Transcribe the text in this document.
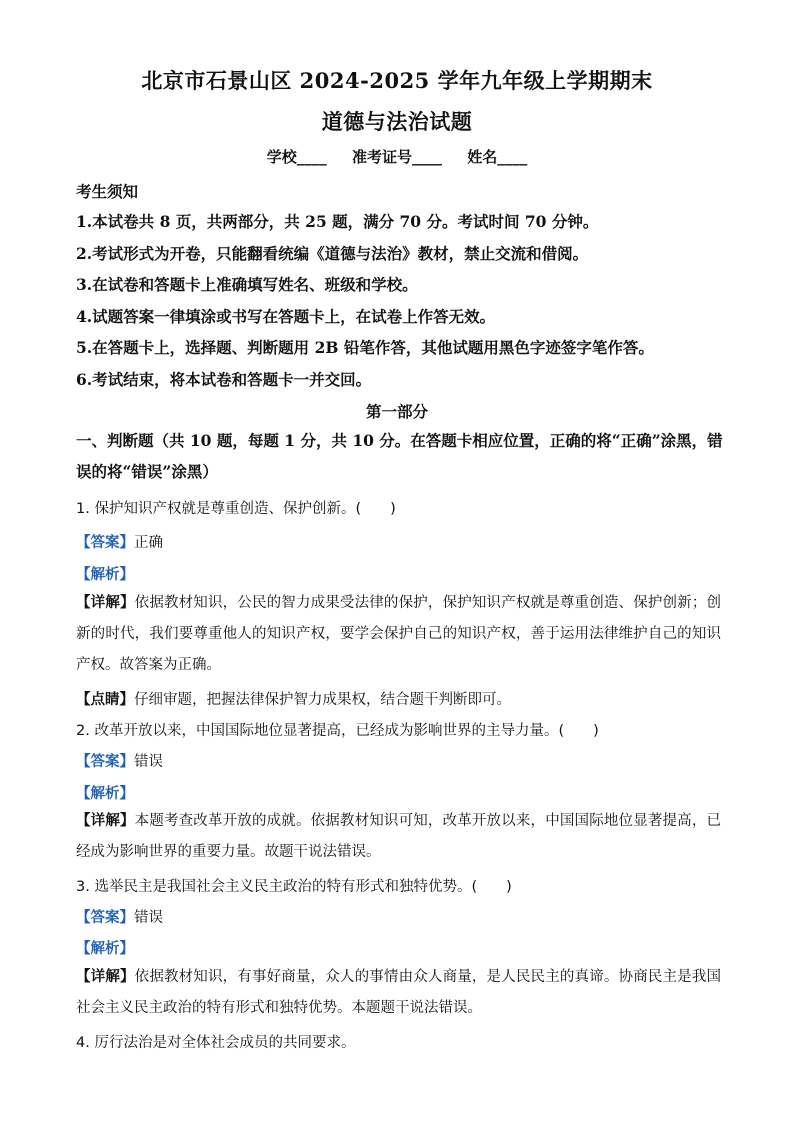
北京市石景山区 2024-2025 学年九年级上学期期末
道德与法治试题
学校____ 准考证号____ 姓名____
考生须知
1.本试卷共 8 页，共两部分，共 25 题，满分 70 分。考试时间 70 分钟。
2.考试形式为开卷，只能翻看统编《道德与法治》教材，禁止交流和借阅。
3.在试卷和答题卡上准确填写姓名、班级和学校。
4.试题答案一律填涂或书写在答题卡上，在试卷上作答无效。
5.在答题卡上，选择题、判断题用 2B 铅笔作答，其他试题用黑色字迹签字笔作答。
6.考试结束，将本试卷和答题卡一并交回。
第一部分
一、判断题（共 10 题，每题 1 分，共 10 分。在答题卡相应位置，正确的将“正确”涂黑，错
误的将“错误”涂黑）
1. 保护知识产权就是尊重创造、保护创新。(　　)
【答案】正确
【解析】
【详解】依据教材知识，公民的智力成果受法律的保护，保护知识产权就是尊重创造、保护创新；创新的时代，我们要尊重他人的知识产权，要学会保护自己的知识产权，善于运用法律维护自己的知识产权。故答案为正确。
【点睛】仔细审题，把握法律保护智力成果权，结合题干判断即可。
2. 改革开放以来，中国国际地位显著提高，已经成为影响世界的主导力量。(　　)
【答案】错误
【解析】
【详解】本题考查改革开放的成就。依据教材知识可知，改革开放以来，中国国际地位显著提高，已经成为影响世界的重要力量。故题干说法错误。
3. 选举民主是我国社会主义民主政治的特有形式和独特优势。(　　)
【答案】错误
【解析】
【详解】依据教材知识，有事好商量，众人的事情由众人商量，是人民民主的真谛。协商民主是我国社会主义民主政治的特有形式和独特优势。本题题干说法错误。
4. 厉行法治是对全体社会成员的共同要求。
